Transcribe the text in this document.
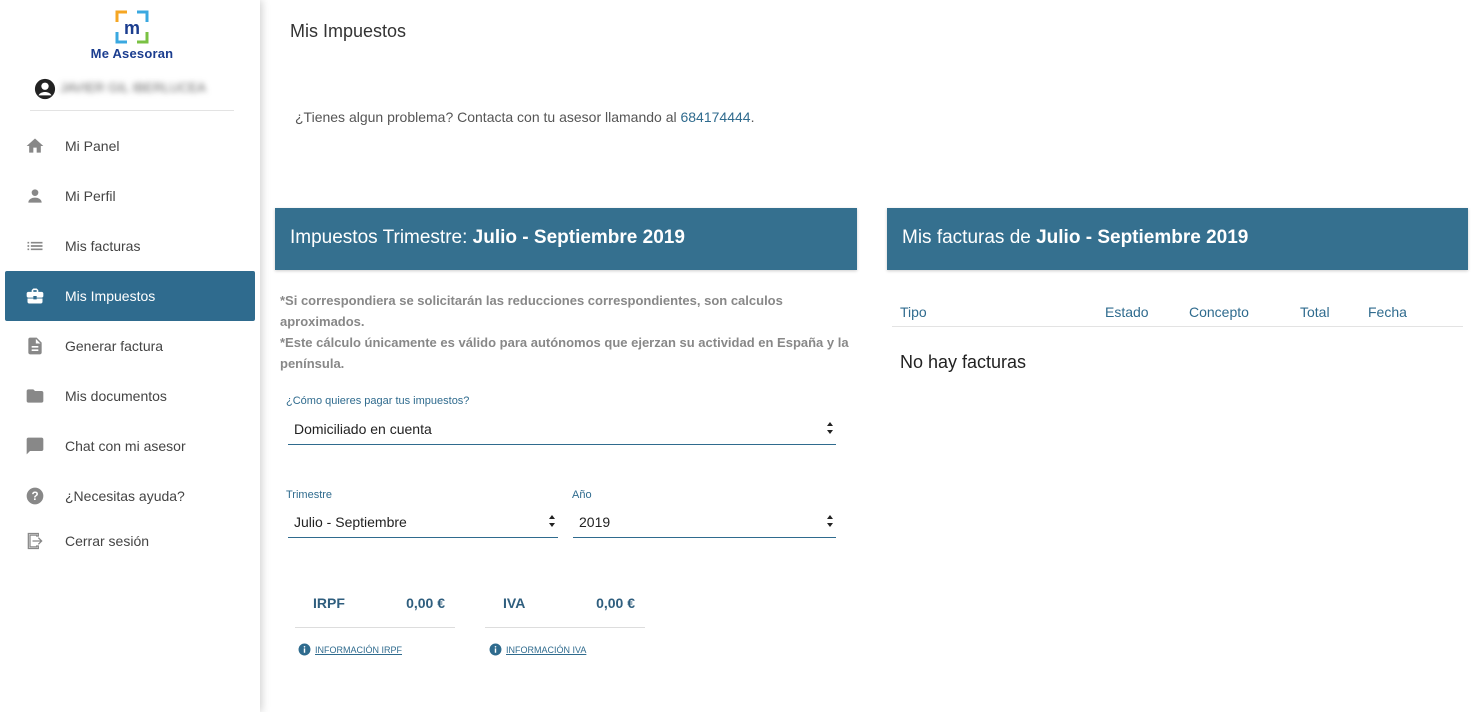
m
Me Asesoran
JAVIER GIL IBERLUCEA
Mi Panel
Mi Perfil
Mis facturas
Mis Impuestos
Generar factura
Mis documentos
Chat con mi asesor
? ¿Necesitas ayuda?
Cerrar sesión
Mis Impuestos

¿Tienes algun problema? Contacta con tu asesor llamando al 684174444.

Impuestos Trimestre: Julio - Septiembre 2019
*Si correspondiera se solicitarán las reducciones correspondientes, son calculos aproximados.
*Este cálculo únicamente es válido para autónomos que ejerzan su actividad en España y la península.
¿Cómo quieres pagar tus impuestos?
Domiciliado en cuenta
Trimestre
Julio - Septiembre
Año
2019
IRPF	0,00 €	IVA	0,00 €
INFORMACIÓN IRPF	INFORMACIÓN IVA
Mis facturas de Julio - Septiembre 2019
Tipo	Estado	Concepto	Total	Fecha
No hay facturas
